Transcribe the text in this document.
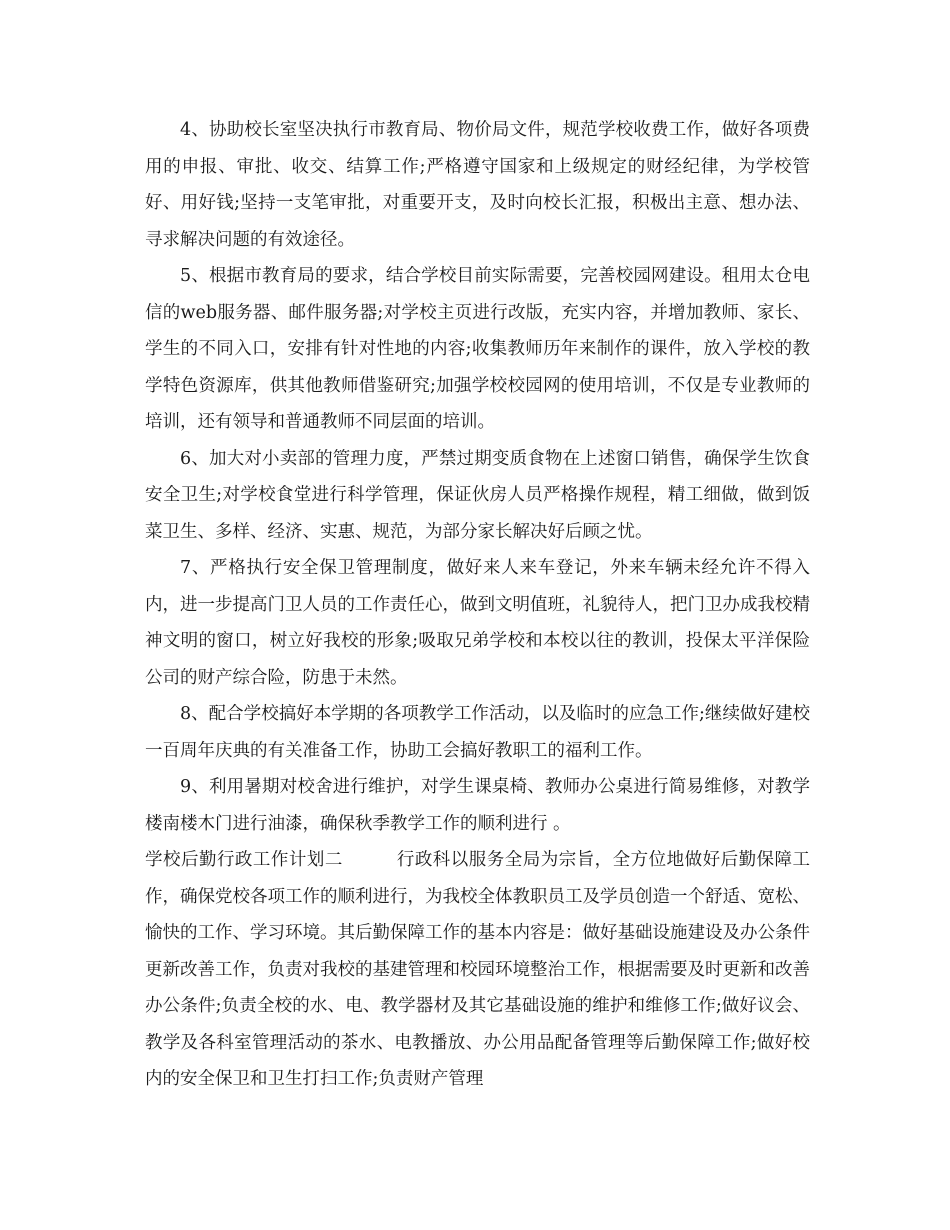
4、协助校长室坚决执行市教育局、物价局文件，规范学校收费工作，做好各项费用的申报、审批、收交、结算工作;严格遵守国家和上级规定的财经纪律，为学校管好、用好钱;坚持一支笔审批，对重要开支，及时向校长汇报，积极出主意、想办法、寻求解决问题的有效途径。

5、根据市教育局的要求，结合学校目前实际需要，完善校园网建设。租用太仓电信的web服务器、邮件服务器;对学校主页进行改版，充实内容，并增加教师、家长、学生的不同入口，安排有针对性地的内容;收集教师历年来制作的课件，放入学校的教学特色资源库，供其他教师借鉴研究;加强学校校园网的使用培训，不仅是专业教师的培训，还有领导和普通教师不同层面的培训。

6、加大对小卖部的管理力度，严禁过期变质食物在上述窗口销售，确保学生饮食安全卫生;对学校食堂进行科学管理，保证伙房人员严格操作规程，精工细做，做到饭菜卫生、多样、经济、实惠、规范，为部分家长解决好后顾之忧。

7、严格执行安全保卫管理制度，做好来人来车登记，外来车辆未经允许不得入内，进一步提高门卫人员的工作责任心，做到文明值班，礼貌待人，把门卫办成我校精神文明的窗口，树立好我校的形象;吸取兄弟学校和本校以往的教训，投保太平洋保险公司的财产综合险，防患于未然。

8、配合学校搞好本学期的各项教学工作活动，以及临时的应急工作;继续做好建校一百周年庆典的有关准备工作，协助工会搞好教职工的福利工作。

9、利用暑期对校舍进行维护，对学生课桌椅、教师办公桌进行简易维修，对教学楼南楼木门进行油漆，确保秋季教学工作的顺利进行 。

学校后勤行政工作计划二　　　	行政科以服务全局为宗旨，全方位地做好后勤保障工作，确保党校各项工作的顺利进行，为我校全体教职员工及学员创造一个舒适、宽松、愉快的工作、学习环境。其后勤保障工作的基本内容是：做好基础设施建设及办公条件更新改善工作，负责对我校的基建管理和校园环境整治工作，根据需要及时更新和改善办公条件;负责全校的水、电、教学器材及其它基础设施的维护和维修工作;做好议会、教学及各科室管理活动的茶水、电教播放、办公用品配备管理等后勤保障工作;做好校内的安全保卫和卫生打扫工作;负责财产管理
